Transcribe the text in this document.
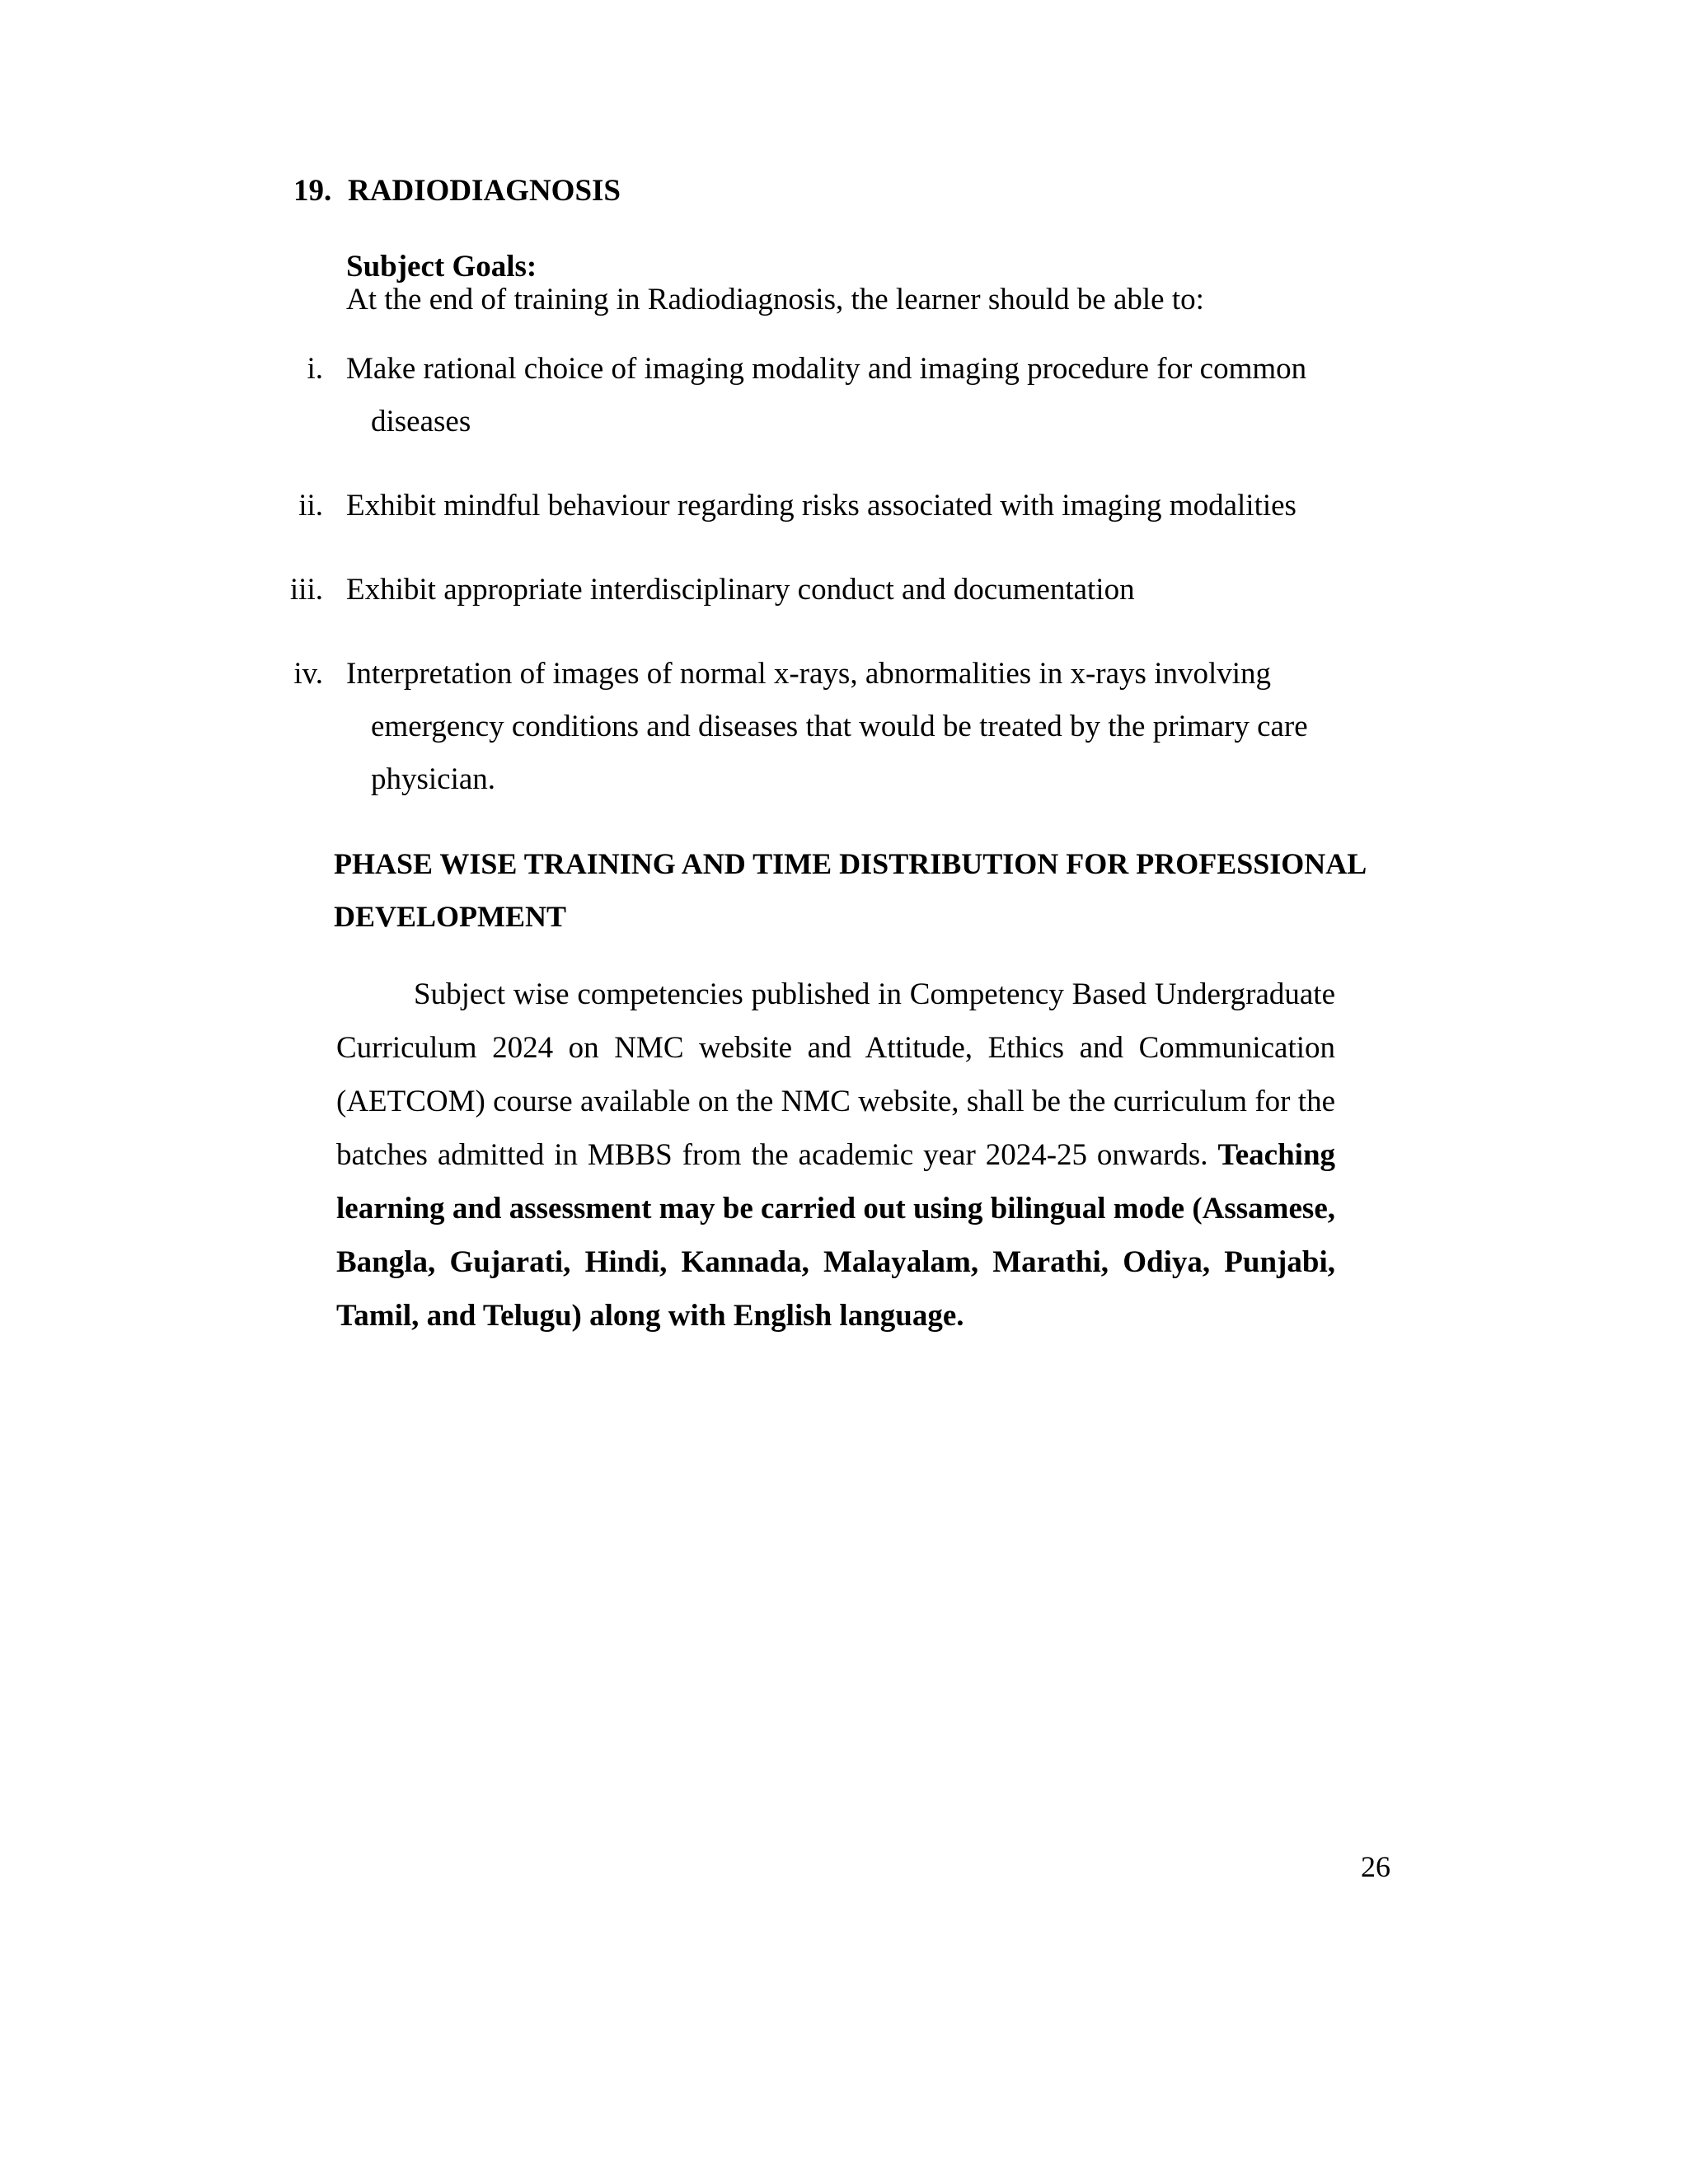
19. RADIODIAGNOSIS
Subject Goals:
At the end of training in Radiodiagnosis, the learner should be able to:
i. Make rational choice of imaging modality and imaging procedure for common
diseases
ii. Exhibit mindful behaviour regarding risks associated with imaging modalities
iii. Exhibit appropriate interdisciplinary conduct and documentation
iv. Interpretation of images of normal x-rays, abnormalities in x-rays involving
emergency conditions and diseases that would be treated by the primary care
physician.
PHASE WISE TRAINING AND TIME DISTRIBUTION FOR PROFESSIONAL
DEVELOPMENT
Subject wise competencies published in Competency Based Undergraduate Curriculum 2024 on NMC website and Attitude, Ethics and Communication (AETCOM) course available on the NMC website, shall be the curriculum for the batches admitted in MBBS from the academic year 2024-25 onwards. Teaching learning and assessment may be carried out using bilingual mode (Assamese, Bangla, Gujarati, Hindi, Kannada, Malayalam, Marathi, Odiya, Punjabi, Tamil, and Telugu) along with English language.
26
